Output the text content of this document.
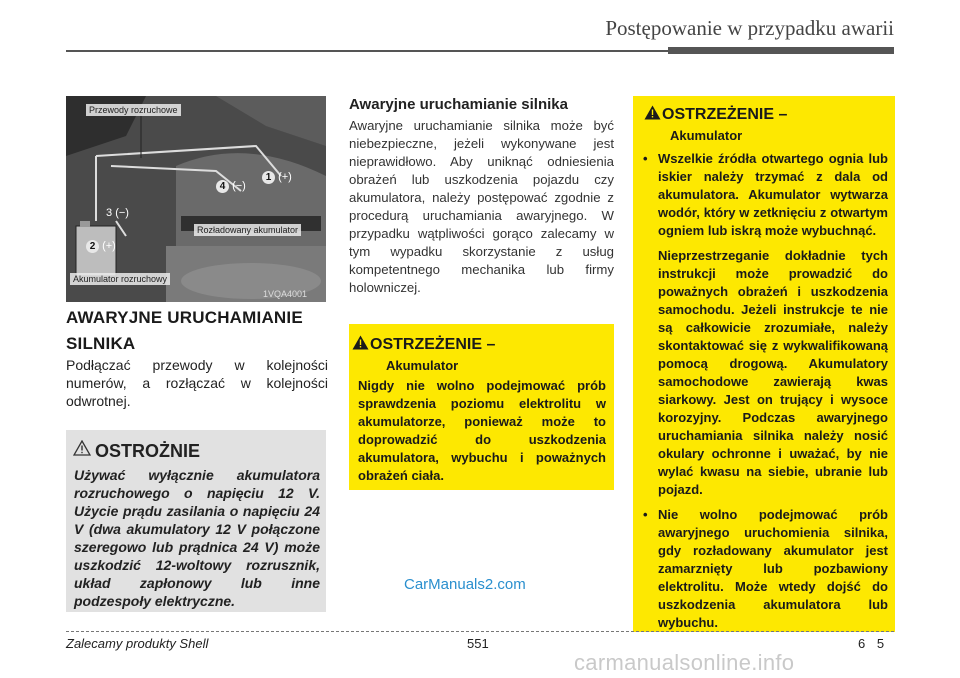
Postępowanie w przypadku awarii
Przewody rozruchowe
Rozładowany akumulator
Akumulator rozruchowy
1VQA4001
1 (+)
2 (+)
3 (−)
4 (−)
AWARYJNE URUCHAMIANIE SILNIKA
Podłączać przewody w kolejności numerów, a rozłączać w kolejności odwrotnej.
OSTROŻNIE
Używać wyłącznie akumulatora rozruchowego o napięciu 12 V. Użycie prądu zasilania o napięciu 24 V (dwa akumulatory 12 V połączone szeregowo lub prądnica 24 V) może uszkodzić 12-woltowy rozrusznik, układ zapłonowy lub inne podzespoły elektryczne.
Awaryjne uruchamianie silnika
Awaryjne uruchamianie silnika może być niebezpieczne, jeżeli wykonywane jest nieprawidłowo. Aby uniknąć odniesienia obrażeń lub uszkodzenia pojazdu czy akumulatora, należy postępować zgodnie z procedurą uruchamiania awaryjnego. W przypadku wątpliwości gorąco zalecamy w tym wypadku skorzystanie z usług kompetentnego mechanika lub firmy holowniczej.
OSTRZEŻENIE –
Akumulator
Nigdy nie wolno podejmować prób sprawdzenia poziomu elektrolitu w akumulatorze, ponieważ może to doprowadzić do uszkodzenia akumulatora, wybuchu i poważnych obrażeń ciała.
OSTRZEŻENIE –
Akumulator
• Wszelkie źródła otwartego ognia lub iskier należy trzymać z dala od akumulatora. Akumulator wytwarza wodór, który w zetknięciu z otwartym ogniem lub iskrą może wybuchnąć.
Nieprzestrzeganie dokładnie tych instrukcji może prowadzić do poważnych obrażeń i uszkodzenia samochodu. Jeżeli instrukcje te nie są całkowicie zrozumiałe, należy skontaktować się z wykwalifikowaną pomocą drogową. Akumulatory samochodowe zawierają kwas siarkowy. Jest on trujący i wysoce korozyjny. Podczas awaryjnego uruchamiania silnika należy nosić okulary ochronne i uważać, by nie wylać kwasu na siebie, ubranie lub pojazd.
• Nie wolno podejmować prób awaryjnego uruchomienia silnika, gdy rozładowany akumulator jest zamarznięty lub pozbawiony elektrolitu. Może wtedy dojść do uszkodzenia akumulatora lub wybuchu.
CarManuals2.com
Zalecamy produkty Shell	551	6 5
carmanualsonline.info
